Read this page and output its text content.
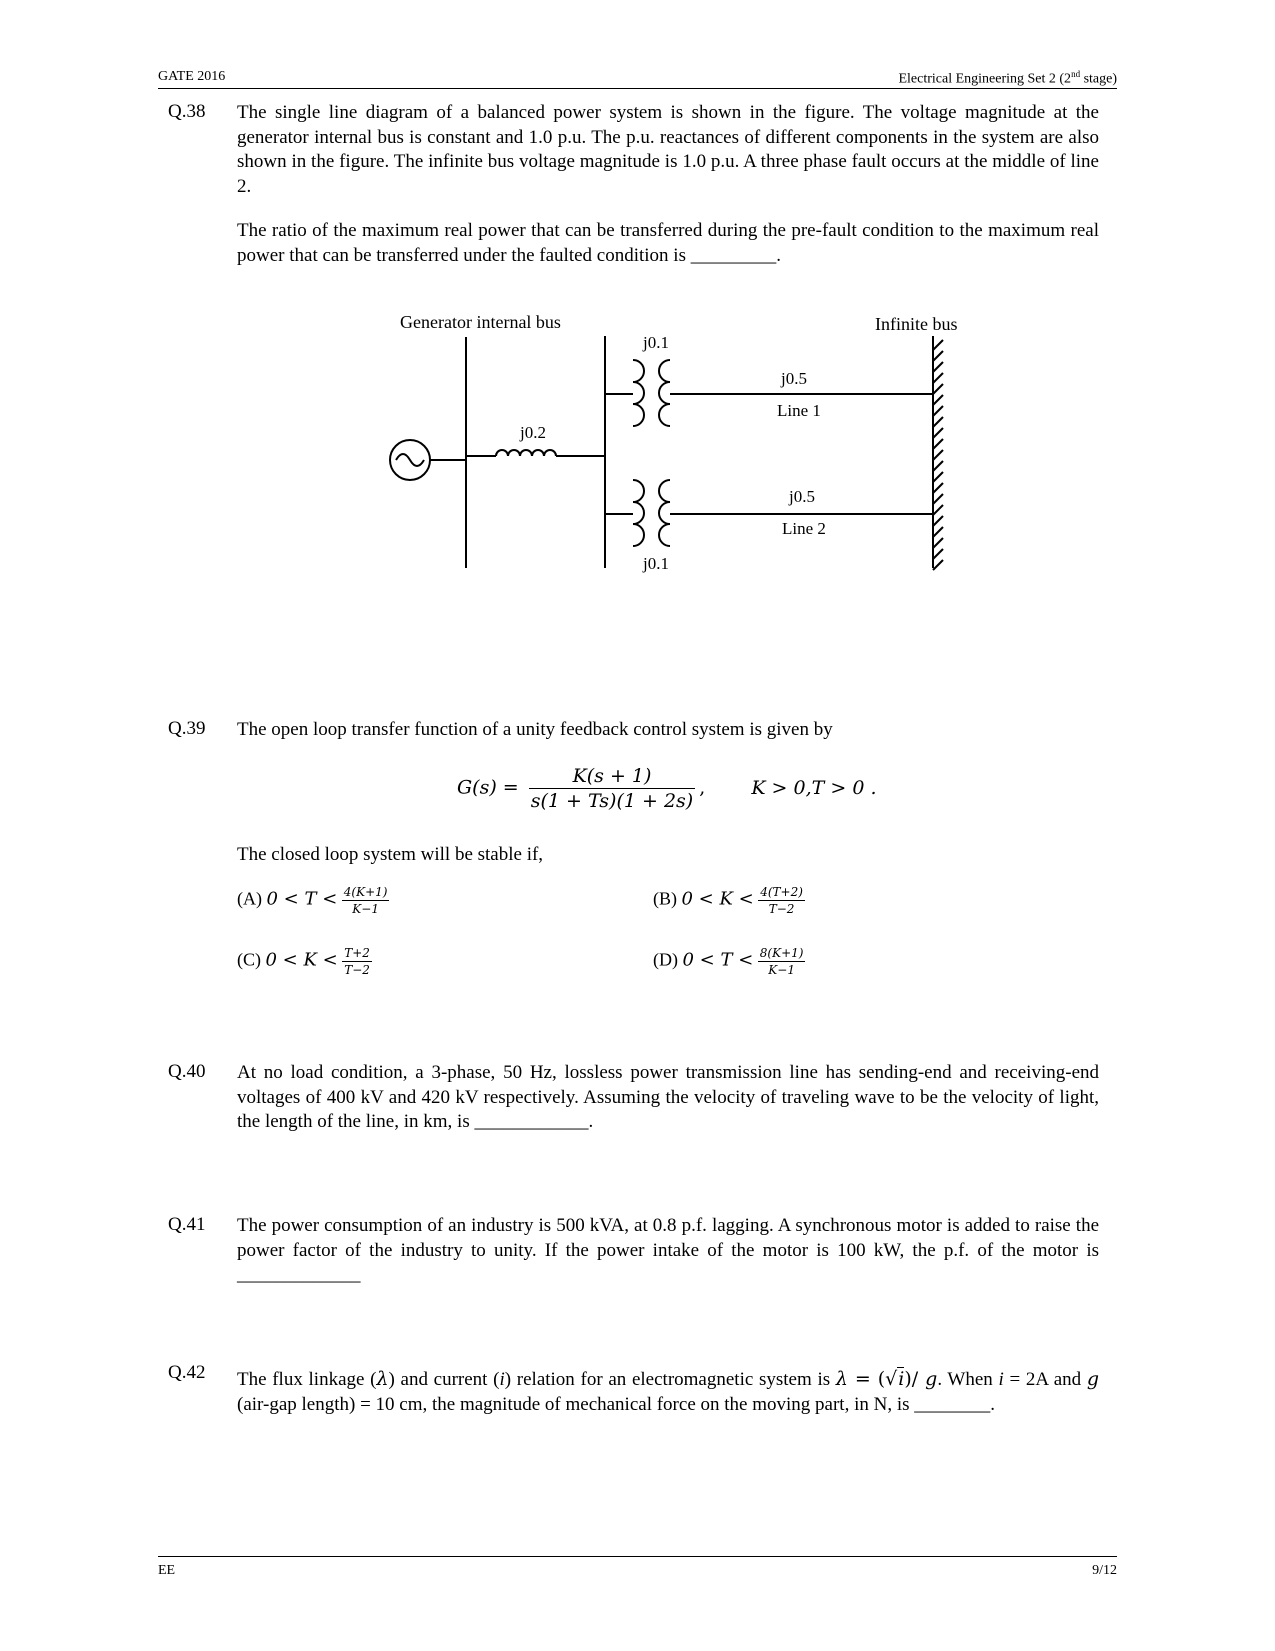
GATE 2016	Electrical Engineering Set 2 (2nd stage)
Q.38 The single line diagram of a balanced power system is shown in the figure. The voltage magnitude at the generator internal bus is constant and 1.0 p.u. The p.u. reactances of different components in the system are also shown in the figure. The infinite bus voltage magnitude is 1.0 p.u. A three phase fault occurs at the middle of line 2.
The ratio of the maximum real power that can be transferred during the pre-fault condition to the maximum real power that can be transferred under the faulted condition is _________.
Generator internal bus	Infinite bus
j0.2
j0.1
j0.1
j0.5
Line 1
j0.5
Line 2
Q.39 The open loop transfer function of a unity feedback control system is given by
$G(s) = \frac{K(s + 1)}{s(1 + Ts)(1 + 2s)}$ , K > 0,T > 0 .
The closed loop system will be stable if,
(A) $0 < T < \frac{4(K+1)}{K-1}$	(B) $0 < K < \frac{4(T+2)}{T-2}$
(C) $0 < K < \frac{T+2}{T-2}$	(D) $0 < T < \frac{8(K+1)}{K-1}$
Q.40 At no load condition, a 3-phase, 50 Hz, lossless power transmission line has sending-end and receiving-end voltages of 400 kV and 420 kV respectively. Assuming the velocity of traveling wave to be the velocity of light, the length of the line, in km, is ____________.
Q.41 The power consumption of an industry is 500 kVA, at 0.8 p.f. lagging. A synchronous motor is added to raise the power factor of the industry to unity. If the power intake of the motor is 100 kW, the p.f. of the motor is _____________
Q.42 The flux linkage (λ) and current (i) relation for an electromagnetic system is λ = (√i)/ g. When i = 2A and g (air-gap length) = 10 cm, the magnitude of mechanical force on the moving part, in N, is ________.
EE	9/12
